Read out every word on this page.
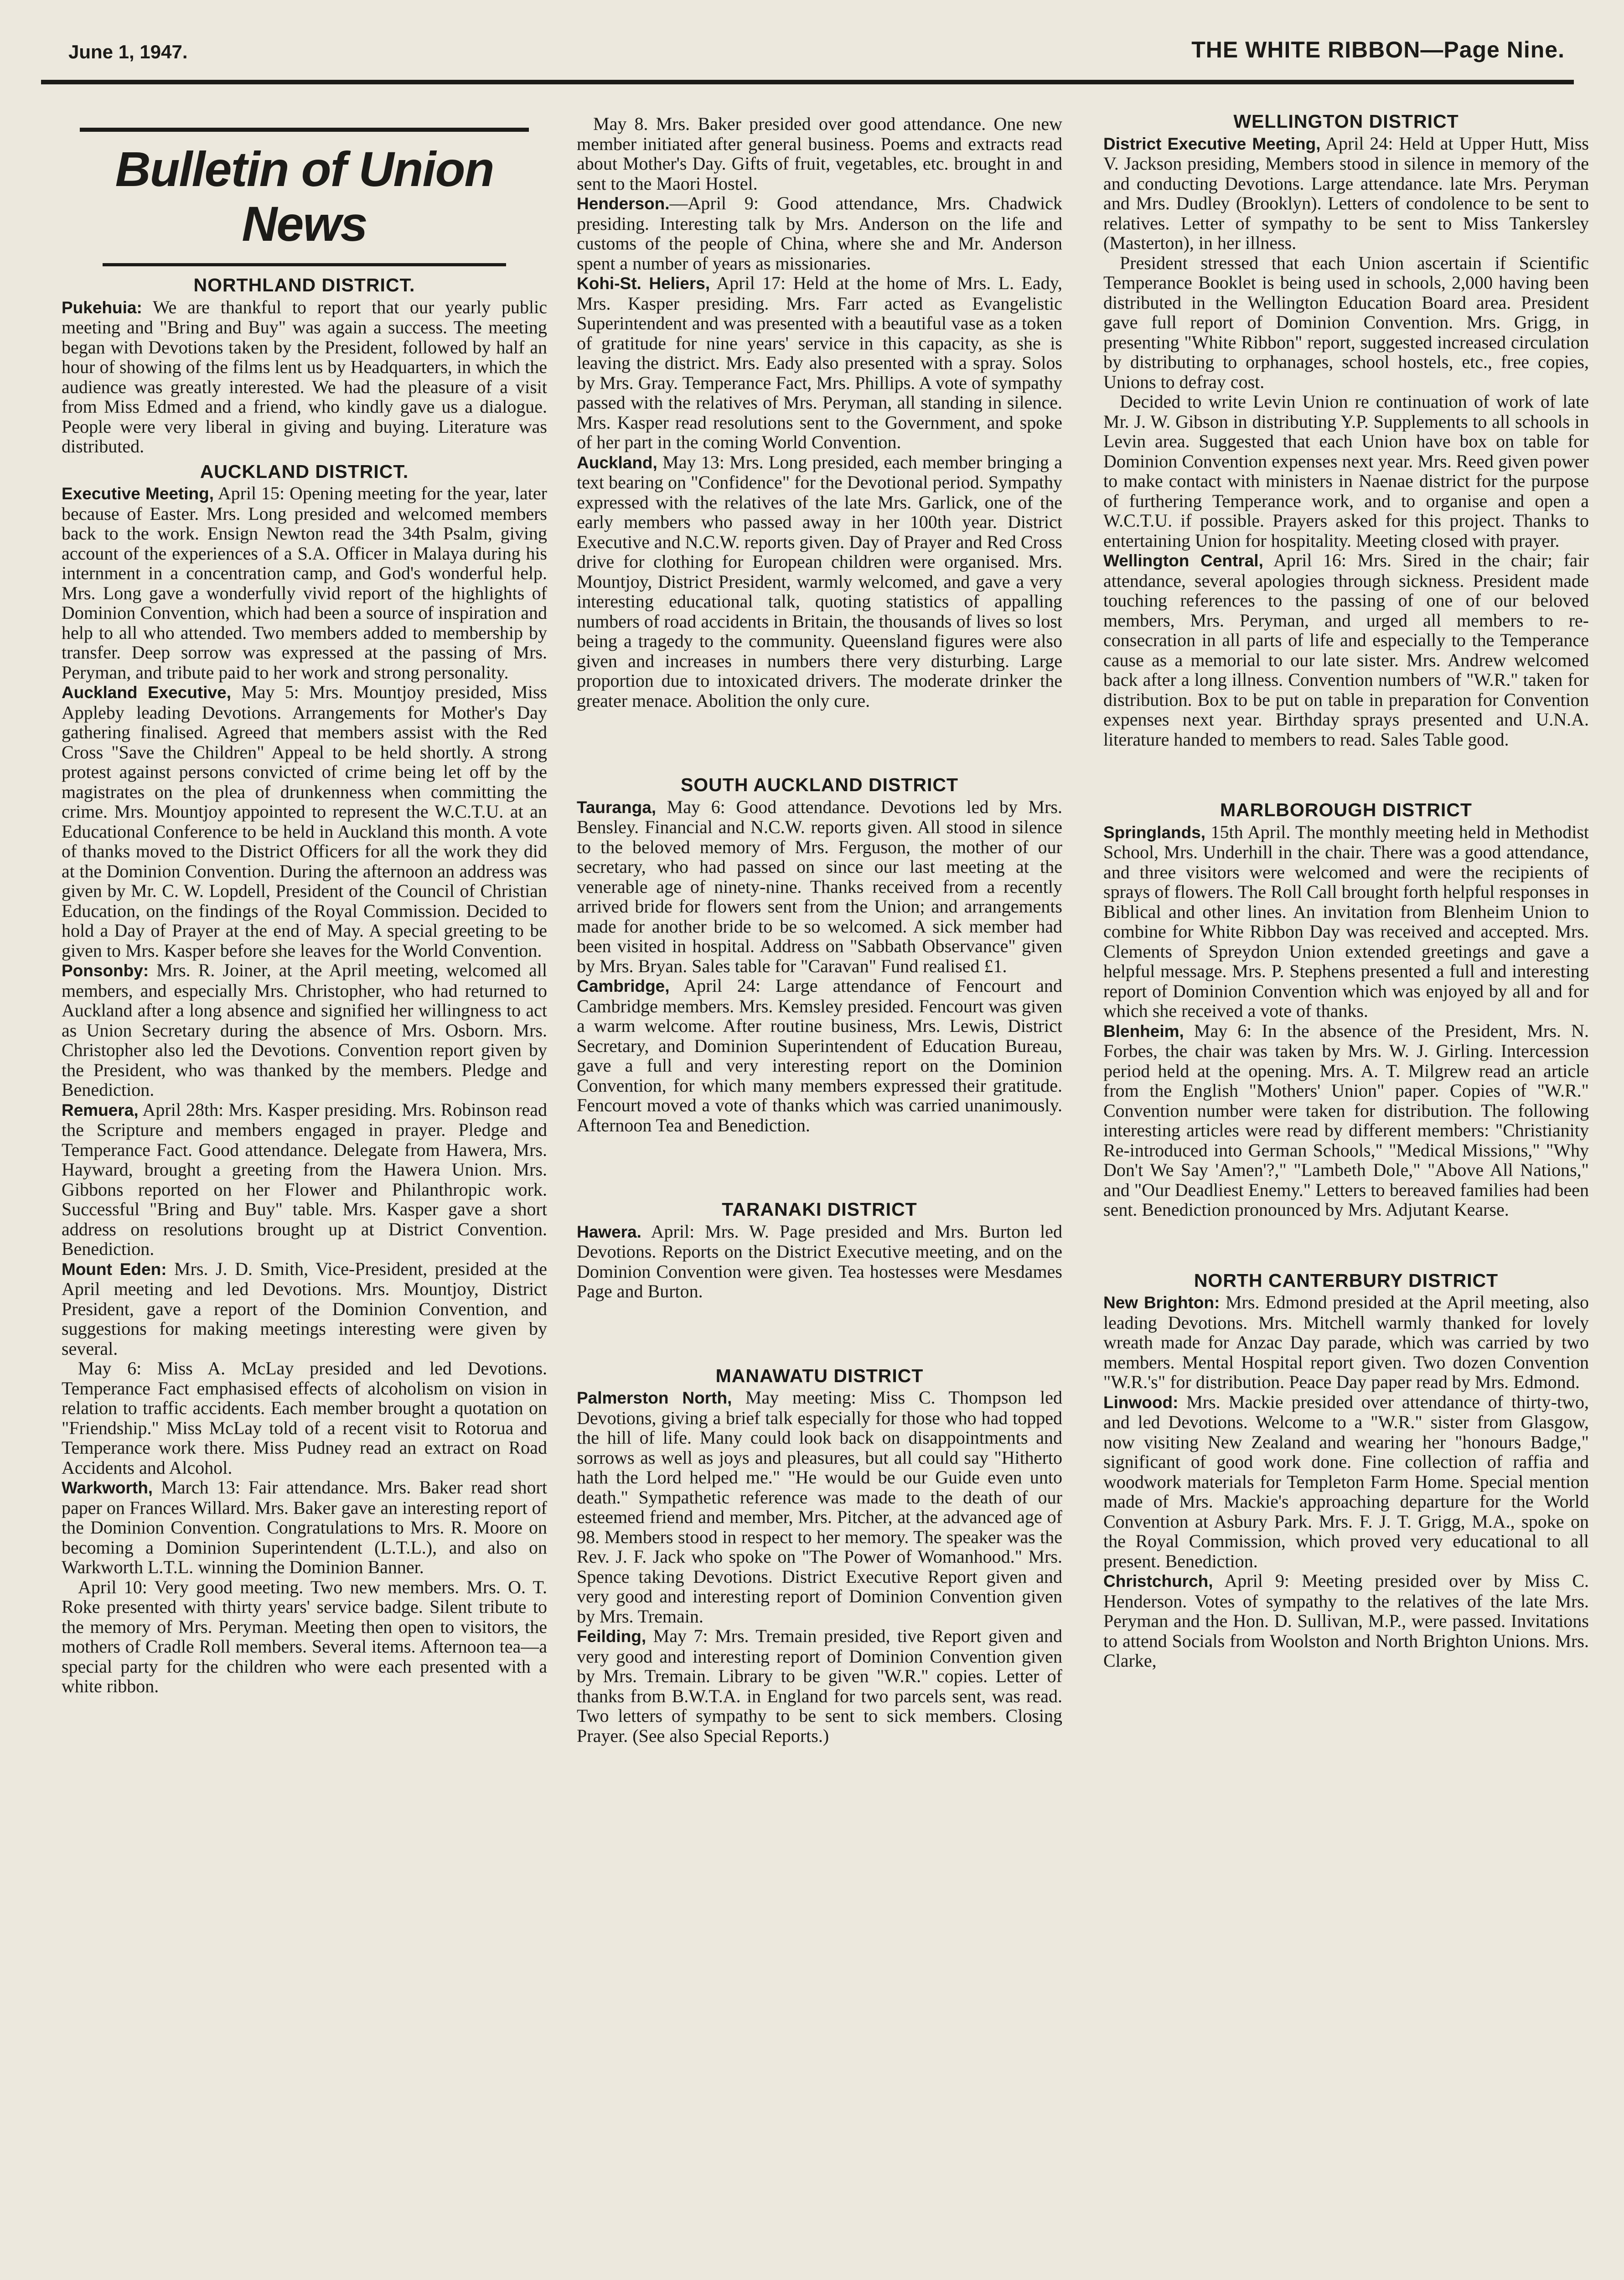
June 1, 1947.	THE WHITE RIBBON—Page Nine.
Bulletin of Union News
NORTHLAND DISTRICT.

Pukehuia: We are thankful to report that our yearly public meeting and "Bring and Buy" was again a success. The meeting began with Devotions taken by the President, followed by half an hour of showing of the films lent us by Headquarters, in which the audience was greatly interested. We had the pleasure of a visit from Miss Edmed and a friend, who kindly gave us a dialogue. People were very liberal in giving and buying. Literature was distributed.

AUCKLAND DISTRICT.

Executive Meeting, April 15: Opening meeting for the year, later because of Easter. Mrs. Long presided and welcomed members back to the work. Ensign Newton read the 34th Psalm, giving account of the experiences of a S.A. Officer in Malaya during his internment in a concentration camp, and God's wonderful help. Mrs. Long gave a wonderfully vivid report of the highlights of Dominion Convention, which had been a source of inspiration and help to all who attended. Two members added to membership by transfer. Deep sorrow was expressed at the passing of Mrs. Peryman, and tribute paid to her work and strong personality.

Auckland Executive, May 5: Mrs. Mountjoy presided, Miss Appleby leading Devotions. Arrangements for Mother's Day gathering finalised. Agreed that members assist with the Red Cross "Save the Children" Appeal to be held shortly. A strong protest against persons convicted of crime being let off by the magistrates on the plea of drunkenness when committing the crime. Mrs. Mountjoy appointed to represent the W.C.T.U. at an Educational Conference to be held in Auckland this month. A vote of thanks moved to the District Officers for all the work they did at the Dominion Convention. During the afternoon an address was given by Mr. C. W. Lopdell, President of the Council of Christian Education, on the findings of the Royal Commission. Decided to hold a Day of Prayer at the end of May. A special greeting to be given to Mrs. Kasper before she leaves for the World Convention.

Ponsonby: Mrs. R. Joiner, at the April meeting, welcomed all members, and especially Mrs. Christopher, who had returned to Auckland after a long absence and signified her willingness to act as Union Secretary during the absence of Mrs. Osborn. Mrs. Christopher also led the Devotions. Convention report given by the President, who was thanked by the members. Pledge and Benediction.

Remuera, April 28th: Mrs. Kasper presiding. Mrs. Robinson read the Scripture and members engaged in prayer. Pledge and Temperance Fact. Good attendance. Delegate from Hawera, Mrs. Hayward, brought a greeting from the Hawera Union. Mrs. Gibbons reported on her Flower and Philanthropic work. Successful "Bring and Buy" table. Mrs. Kasper gave a short address on resolutions brought up at District Convention. Benediction.

Mount Eden: Mrs. J. D. Smith, Vice-President, presided at the April meeting and led Devotions. Mrs. Mountjoy, District President, gave a report of the Dominion Convention, and suggestions for making meetings interesting were given by several.

May 6: Miss A. McLay presided and led Devotions. Temperance Fact emphasised effects of alcoholism on vision in relation to traffic accidents. Each member brought a quotation on "Friendship." Miss McLay told of a recent visit to Rotorua and Temperance work there. Miss Pudney read an extract on Road Accidents and Alcohol.

Warkworth, March 13: Fair attendance. Mrs. Baker read short paper on Frances Willard. Mrs. Baker gave an interesting report of the Dominion Convention. Congratulations to Mrs. R. Moore on becoming a Dominion Superintendent (L.T.L.), and also on Warkworth L.T.L. winning the Dominion Banner.

April 10: Very good meeting. Two new members. Mrs. O. T. Roke presented with thirty years' service badge. Silent tribute to the memory of Mrs. Peryman. Meeting then open to visitors, the mothers of Cradle Roll members. Several items. Afternoon tea—a special party for the children who were each presented with a white ribbon.

May 8. Mrs. Baker presided over good attendance. One new member initiated after general business. Poems and extracts read about Mother's Day. Gifts of fruit, vegetables, etc. brought in and sent to the Maori Hostel.

Henderson.—April 9: Good attendance, Mrs. Chadwick presiding. Interesting talk by Mrs. Anderson on the life and customs of the people of China, where she and Mr. Anderson spent a number of years as missionaries.

Kohi-St. Heliers, April 17: Held at the home of Mrs. L. Eady, Mrs. Kasper presiding. Mrs. Farr acted as Evangelistic Superintendent and was presented with a beautiful vase as a token of gratitude for nine years' service in this capacity, as she is leaving the district. Mrs. Eady also presented with a spray. Solos by Mrs. Gray. Temperance Fact, Mrs. Phillips. A vote of sympathy passed with the relatives of Mrs. Peryman, all standing in silence. Mrs. Kasper read resolutions sent to the Government, and spoke of her part in the coming World Convention.

Auckland, May 13: Mrs. Long presided, each member bringing a text bearing on "Confidence" for the Devotional period. Sympathy expressed with the relatives of the late Mrs. Garlick, one of the early members who passed away in her 100th year. District Executive and N.C.W. reports given. Day of Prayer and Red Cross drive for clothing for European children were organised. Mrs. Mountjoy, District President, warmly welcomed, and gave a very interesting educational talk, quoting statistics of appalling numbers of road accidents in Britain, the thousands of lives so lost being a tragedy to the community. Queensland figures were also given and increases in numbers there very disturbing. Large proportion due to intoxicated drivers. The moderate drinker the greater menace. Abolition the only cure.

SOUTH AUCKLAND DISTRICT

Tauranga, May 6: Good attendance. Devotions led by Mrs. Bensley. Financial and N.C.W. reports given. All stood in silence to the beloved memory of Mrs. Ferguson, the mother of our secretary, who had passed on since our last meeting at the venerable age of ninety-nine. Thanks received from a recently arrived bride for flowers sent from the Union; and arrangements made for another bride to be so welcomed. A sick member had been visited in hospital. Address on "Sabbath Observance" given by Mrs. Bryan. Sales table for "Caravan" Fund realised £1.

Cambridge, April 24: Large attendance of Fencourt and Cambridge members. Mrs. Kemsley presided. Fencourt was given a warm welcome. After routine business, Mrs. Lewis, District Secretary, and Dominion Superintendent of Education Bureau, gave a full and very interesting report on the Dominion Convention, for which many members expressed their gratitude. Fencourt moved a vote of thanks which was carried unanimously. Afternoon Tea and Benediction.

TARANAKI DISTRICT

Hawera. April: Mrs. W. Page presided and Mrs. Burton led Devotions. Reports on the District Executive meeting, and on the Dominion Convention were given. Tea hostesses were Mesdames Page and Burton.

MANAWATU DISTRICT

Palmerston North, May meeting: Miss C. Thompson led Devotions, giving a brief talk especially for those who had topped the hill of life. Many could look back on disappointments and sorrows as well as joys and pleasures, but all could say "Hitherto hath the Lord helped me." "He would be our Guide even unto death." Sympathetic reference was made to the death of our esteemed friend and member, Mrs. Pitcher, at the advanced age of 98. Members stood in respect to her memory. The speaker was the Rev. J. F. Jack who spoke on "The Power of Womanhood." Mrs. Spence taking Devotions. District Executive Report given and very good and interesting report of Dominion Convention given by Mrs. Tremain.

Feilding, May 7: Mrs. Tremain presided, tive Report given and very good and interesting report of Dominion Convention given by Mrs. Tremain. Library to be given "W.R." copies. Letter of thanks from B.W.T.A. in England for two parcels sent, was read. Two letters of sympathy to be sent to sick members. Closing Prayer. (See also Special Reports.)

WELLINGTON DISTRICT

District Executive Meeting, April 24: Held at Upper Hutt, Miss V. Jackson presiding, Members stood in silence in memory of the and conducting Devotions. Large attendance. late Mrs. Peryman and Mrs. Dudley (Brooklyn). Letters of condolence to be sent to relatives. Letter of sympathy to be sent to Miss Tankersley (Masterton), in her illness.

President stressed that each Union ascertain if Scientific Temperance Booklet is being used in schools, 2,000 having been distributed in the Wellington Education Board area. President gave full report of Dominion Convention. Mrs. Grigg, in presenting "White Ribbon" report, suggested increased circulation by distributing to orphanages, school hostels, etc., free copies, Unions to defray cost.

Decided to write Levin Union re continuation of work of late Mr. J. W. Gibson in distributing Y.P. Supplements to all schools in Levin area. Suggested that each Union have box on table for Dominion Convention expenses next year. Mrs. Reed given power to make contact with ministers in Naenae district for the purpose of furthering Temperance work, and to organise and open a W.C.T.U. if possible. Prayers asked for this project. Thanks to entertaining Union for hospitality. Meeting closed with prayer.

Wellington Central, April 16: Mrs. Sired in the chair; fair attendance, several apologies through sickness. President made touching references to the passing of one of our beloved members, Mrs. Peryman, and urged all members to re-consecration in all parts of life and especially to the Temperance cause as a memorial to our late sister. Mrs. Andrew welcomed back after a long illness. Convention numbers of "W.R." taken for distribution. Box to be put on table in preparation for Convention expenses next year. Birthday sprays presented and U.N.A. literature handed to members to read. Sales Table good.

MARLBOROUGH DISTRICT

Springlands, 15th April. The monthly meeting held in Methodist School, Mrs. Underhill in the chair. There was a good attendance, and three visitors were welcomed and were the recipients of sprays of flowers. The Roll Call brought forth helpful responses in Biblical and other lines. An invitation from Blenheim Union to combine for White Ribbon Day was received and accepted. Mrs. Clements of Spreydon Union extended greetings and gave a helpful message. Mrs. P. Stephens presented a full and interesting report of Dominion Convention which was enjoyed by all and for which she received a vote of thanks.

Blenheim, May 6: In the absence of the President, Mrs. N. Forbes, the chair was taken by Mrs. W. J. Girling. Intercession period held at the opening. Mrs. A. T. Milgrew read an article from the English "Mothers' Union" paper. Copies of "W.R." Convention number were taken for distribution. The following interesting articles were read by different members: "Christianity Re-introduced into German Schools," "Medical Missions," "Why Don't We Say 'Amen'?," "Lambeth Dole," "Above All Nations," and "Our Deadliest Enemy." Letters to bereaved families had been sent. Benediction pronounced by Mrs. Adjutant Kearse.

NORTH CANTERBURY DISTRICT

New Brighton: Mrs. Edmond presided at the April meeting, also leading Devotions. Mrs. Mitchell warmly thanked for lovely wreath made for Anzac Day parade, which was carried by two members. Mental Hospital report given. Two dozen Convention "W.R.'s" for distribution. Peace Day paper read by Mrs. Edmond.

Linwood: Mrs. Mackie presided over attendance of thirty-two, and led Devotions. Welcome to a "W.R." sister from Glasgow, now visiting New Zealand and wearing her "honours Badge," significant of good work done. Fine collection of raffia and woodwork materials for Templeton Farm Home. Special mention made of Mrs. Mackie's approaching departure for the World Convention at Asbury Park. Mrs. F. J. T. Grigg, M.A., spoke on the Royal Commission, which proved very educational to all present. Benediction.

Christchurch, April 9: Meeting presided over by Miss C. Henderson. Votes of sympathy to the relatives of the late Mrs. Peryman and the Hon. D. Sullivan, M.P., were passed. Invitations to attend Socials from Woolston and North Brighton Unions. Mrs. Clarke,
